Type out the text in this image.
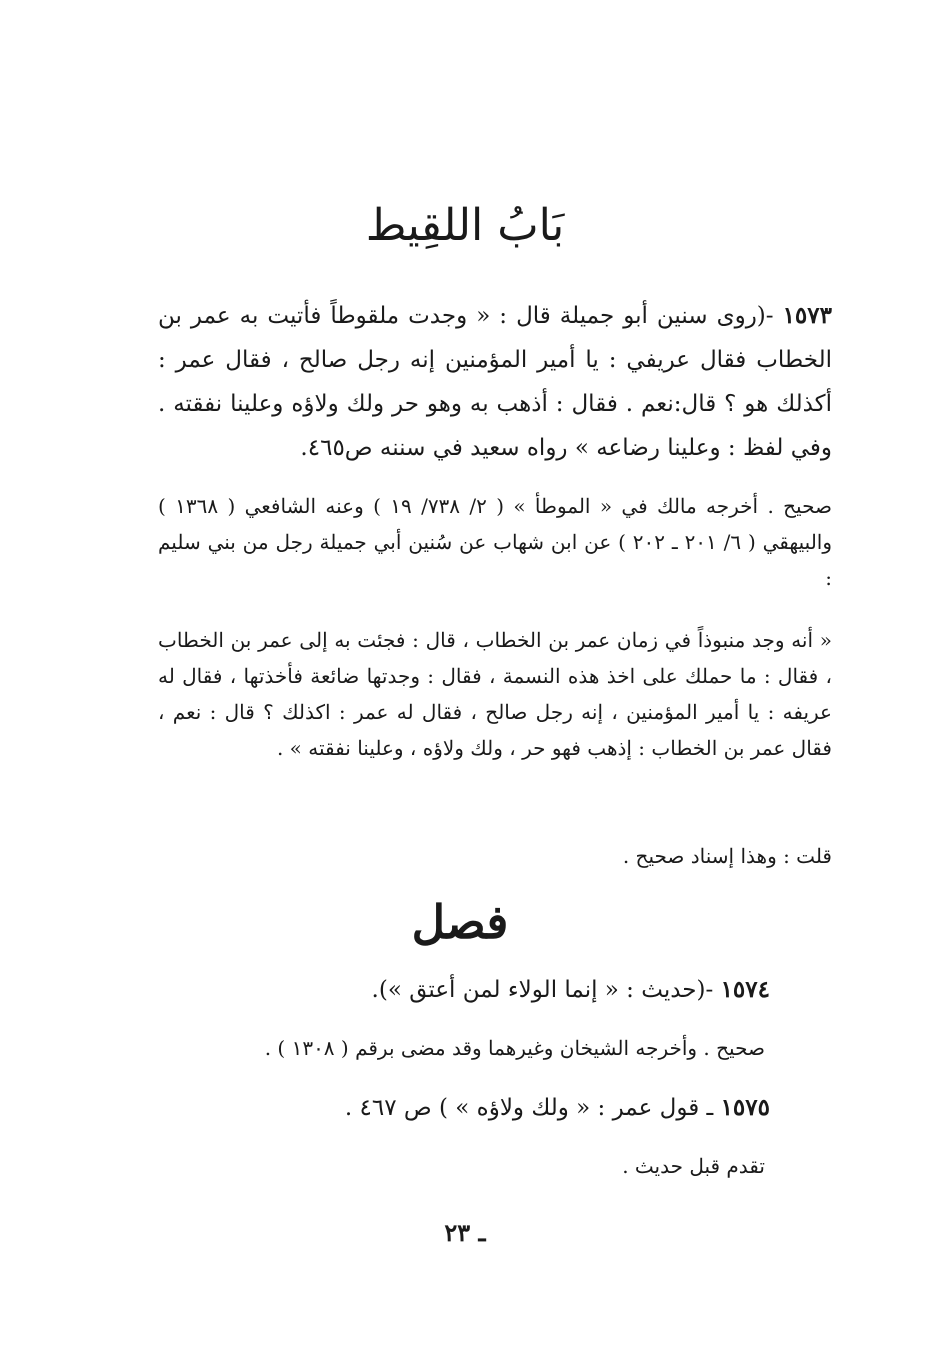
بَابُ اللقِيط

١٥٧٣ -(روى سنين أبو جميلة قال : « وجدت ملقوطاً فأتيت به عمر بن الخطاب فقال عريفي : يا أمير المؤمنين إنه رجل صالح ، فقال عمر : أكذلك هو ؟ قال:نعم . فقال : أذهب به وهو حر ولك ولاؤه وعلينا نفقته . وفي لفظ : وعلينا رضاعه » رواه سعيد في سننه ص٤٦٥.

صحيح . أخرجه مالك في « الموطأ » ( ٢/ ٧٣٨/ ١٩ ) وعنه الشافعي ( ١٣٦٨ ) والبيهقي ( ٦/ ٢٠١ ـ ٢٠٢ ) عن ابن شهاب عن سُنين أبي جميلة رجل من بني سليم :

« أنه وجد منبوذاً في زمان عمر بن الخطاب ، قال : فجئت به إلى عمر بن الخطاب ، فقال : ما حملك على اخذ هذه النسمة ، فقال : وجدتها ضائعة فأخذتها ، فقال له عريفه : يا أمير المؤمنين ، إنه رجل صالح ، فقال له عمر : اكذلك ؟ قال : نعم ، فقال عمر بن الخطاب : إذهب فهو حر ، ولك ولاؤه ، وعلينا نفقته » .

قلت : وهذا إسناد صحيح .

فصل

١٥٧٤ -(حديث : « إنما الولاء لمن أعتق »).

صحيح . وأخرجه الشيخان وغيرهما وقد مضى برقم ( ١٣٠٨ ) .

١٥٧٥ ـ قول عمر : « ولك ولاؤه » ) ص ٤٦٧ .

تقدم قبل حديث .

ـ ٢٣
